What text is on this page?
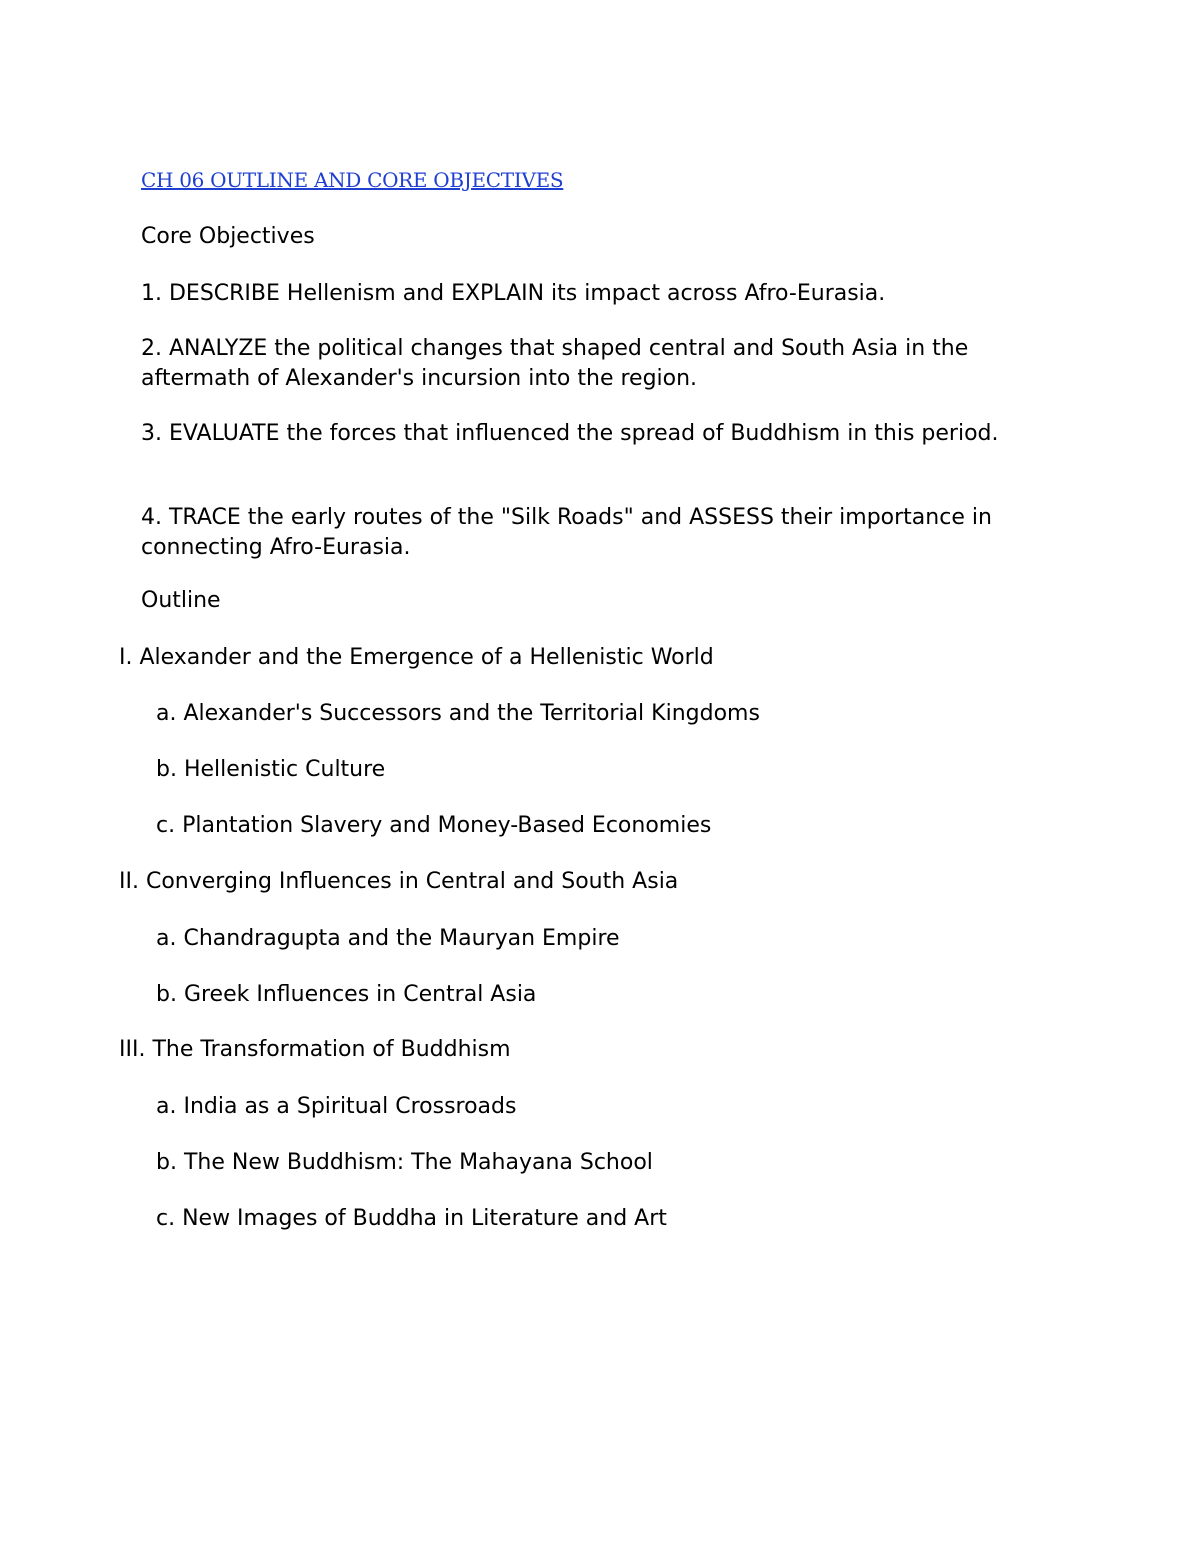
CH 06 OUTLINE AND CORE OBJECTIVES
Core Objectives
1. DESCRIBE Hellenism and EXPLAIN its impact across Afro-Eurasia.
2. ANALYZE the political changes that shaped central and South Asia in the aftermath of Alexander's incursion into the region.
3. EVALUATE the forces that influenced the spread of Buddhism in this period.
4. TRACE the early routes of the "Silk Roads" and ASSESS their importance in connecting Afro-Eurasia.
Outline
I. Alexander and the Emergence of a Hellenistic World
a. Alexander's Successors and the Territorial Kingdoms
b. Hellenistic Culture
c. Plantation Slavery and Money-Based Economies
II. Converging Influences in Central and South Asia
a. Chandragupta and the Mauryan Empire
b. Greek Influences in Central Asia
III. The Transformation of Buddhism
a. India as a Spiritual Crossroads
b. The New Buddhism: The Mahayana School
c. New Images of Buddha in Literature and Art
